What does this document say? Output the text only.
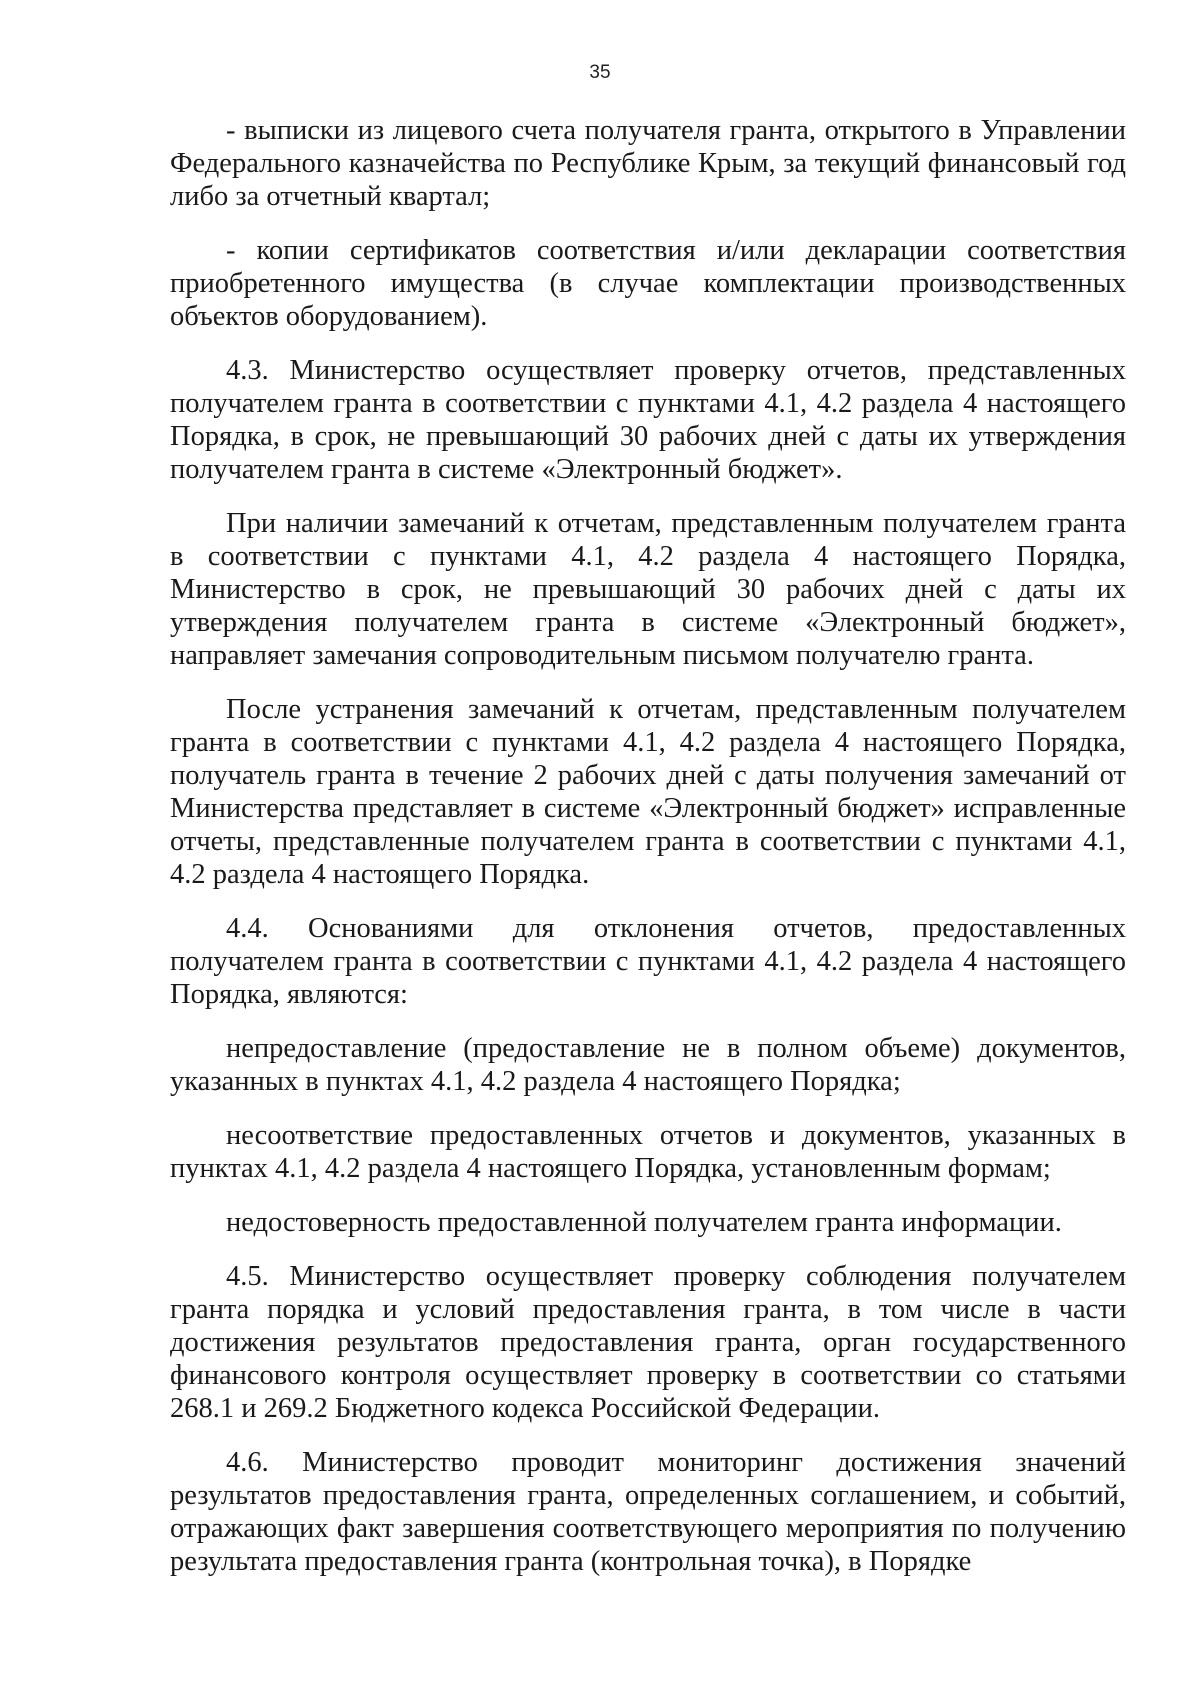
35

- выписки из лицевого счета получателя гранта, открытого в Управлении Федерального казначейства по Республике Крым, за текущий финансовый год либо за отчетный квартал;

- копии сертификатов соответствия и/или декларации соответствия приобретенного имущества (в случае комплектации производственных объектов оборудованием).

4.3. Министерство осуществляет проверку отчетов, представленных получателем гранта в соответствии с пунктами 4.1, 4.2 раздела 4 настоящего Порядка, в срок, не превышающий 30 рабочих дней с даты их утверждения получателем гранта в системе «Электронный бюджет».

При наличии замечаний к отчетам, представленным получателем гранта в соответствии с пунктами 4.1, 4.2 раздела 4 настоящего Порядка, Министерство в срок, не превышающий 30 рабочих дней с даты их утверждения получателем гранта в системе «Электронный бюджет», направляет замечания сопроводительным письмом получателю гранта.

После устранения замечаний к отчетам, представленным получателем гранта в соответствии с пунктами 4.1, 4.2 раздела 4 настоящего Порядка, получатель гранта в течение 2 рабочих дней с даты получения замечаний от Министерства представляет в системе «Электронный бюджет» исправленные отчеты, представленные получателем гранта в соответствии с пунктами 4.1, 4.2 раздела 4 настоящего Порядка.

4.4. Основаниями для отклонения отчетов, предоставленных получателем гранта в соответствии с пунктами 4.1, 4.2 раздела 4 настоящего Порядка, являются:

непредоставление (предоставление не в полном объеме) документов, указанных в пунктах 4.1, 4.2 раздела 4 настоящего Порядка;

несоответствие предоставленных отчетов и документов, указанных в пунктах 4.1, 4.2 раздела 4 настоящего Порядка, установленным формам;

недостоверность предоставленной получателем гранта информации.

4.5. Министерство осуществляет проверку соблюдения получателем гранта порядка и условий предоставления гранта, в том числе в части достижения результатов предоставления гранта, орган государственного финансового контроля осуществляет проверку в соответствии со статьями 268.1 и 269.2 Бюджетного кодекса Российской Федерации.

4.6. Министерство проводит мониторинг достижения значений результатов предоставления гранта, определенных соглашением, и событий, отражающих факт завершения соответствующего мероприятия по получению результата предоставления гранта (контрольная точка), в Порядке
